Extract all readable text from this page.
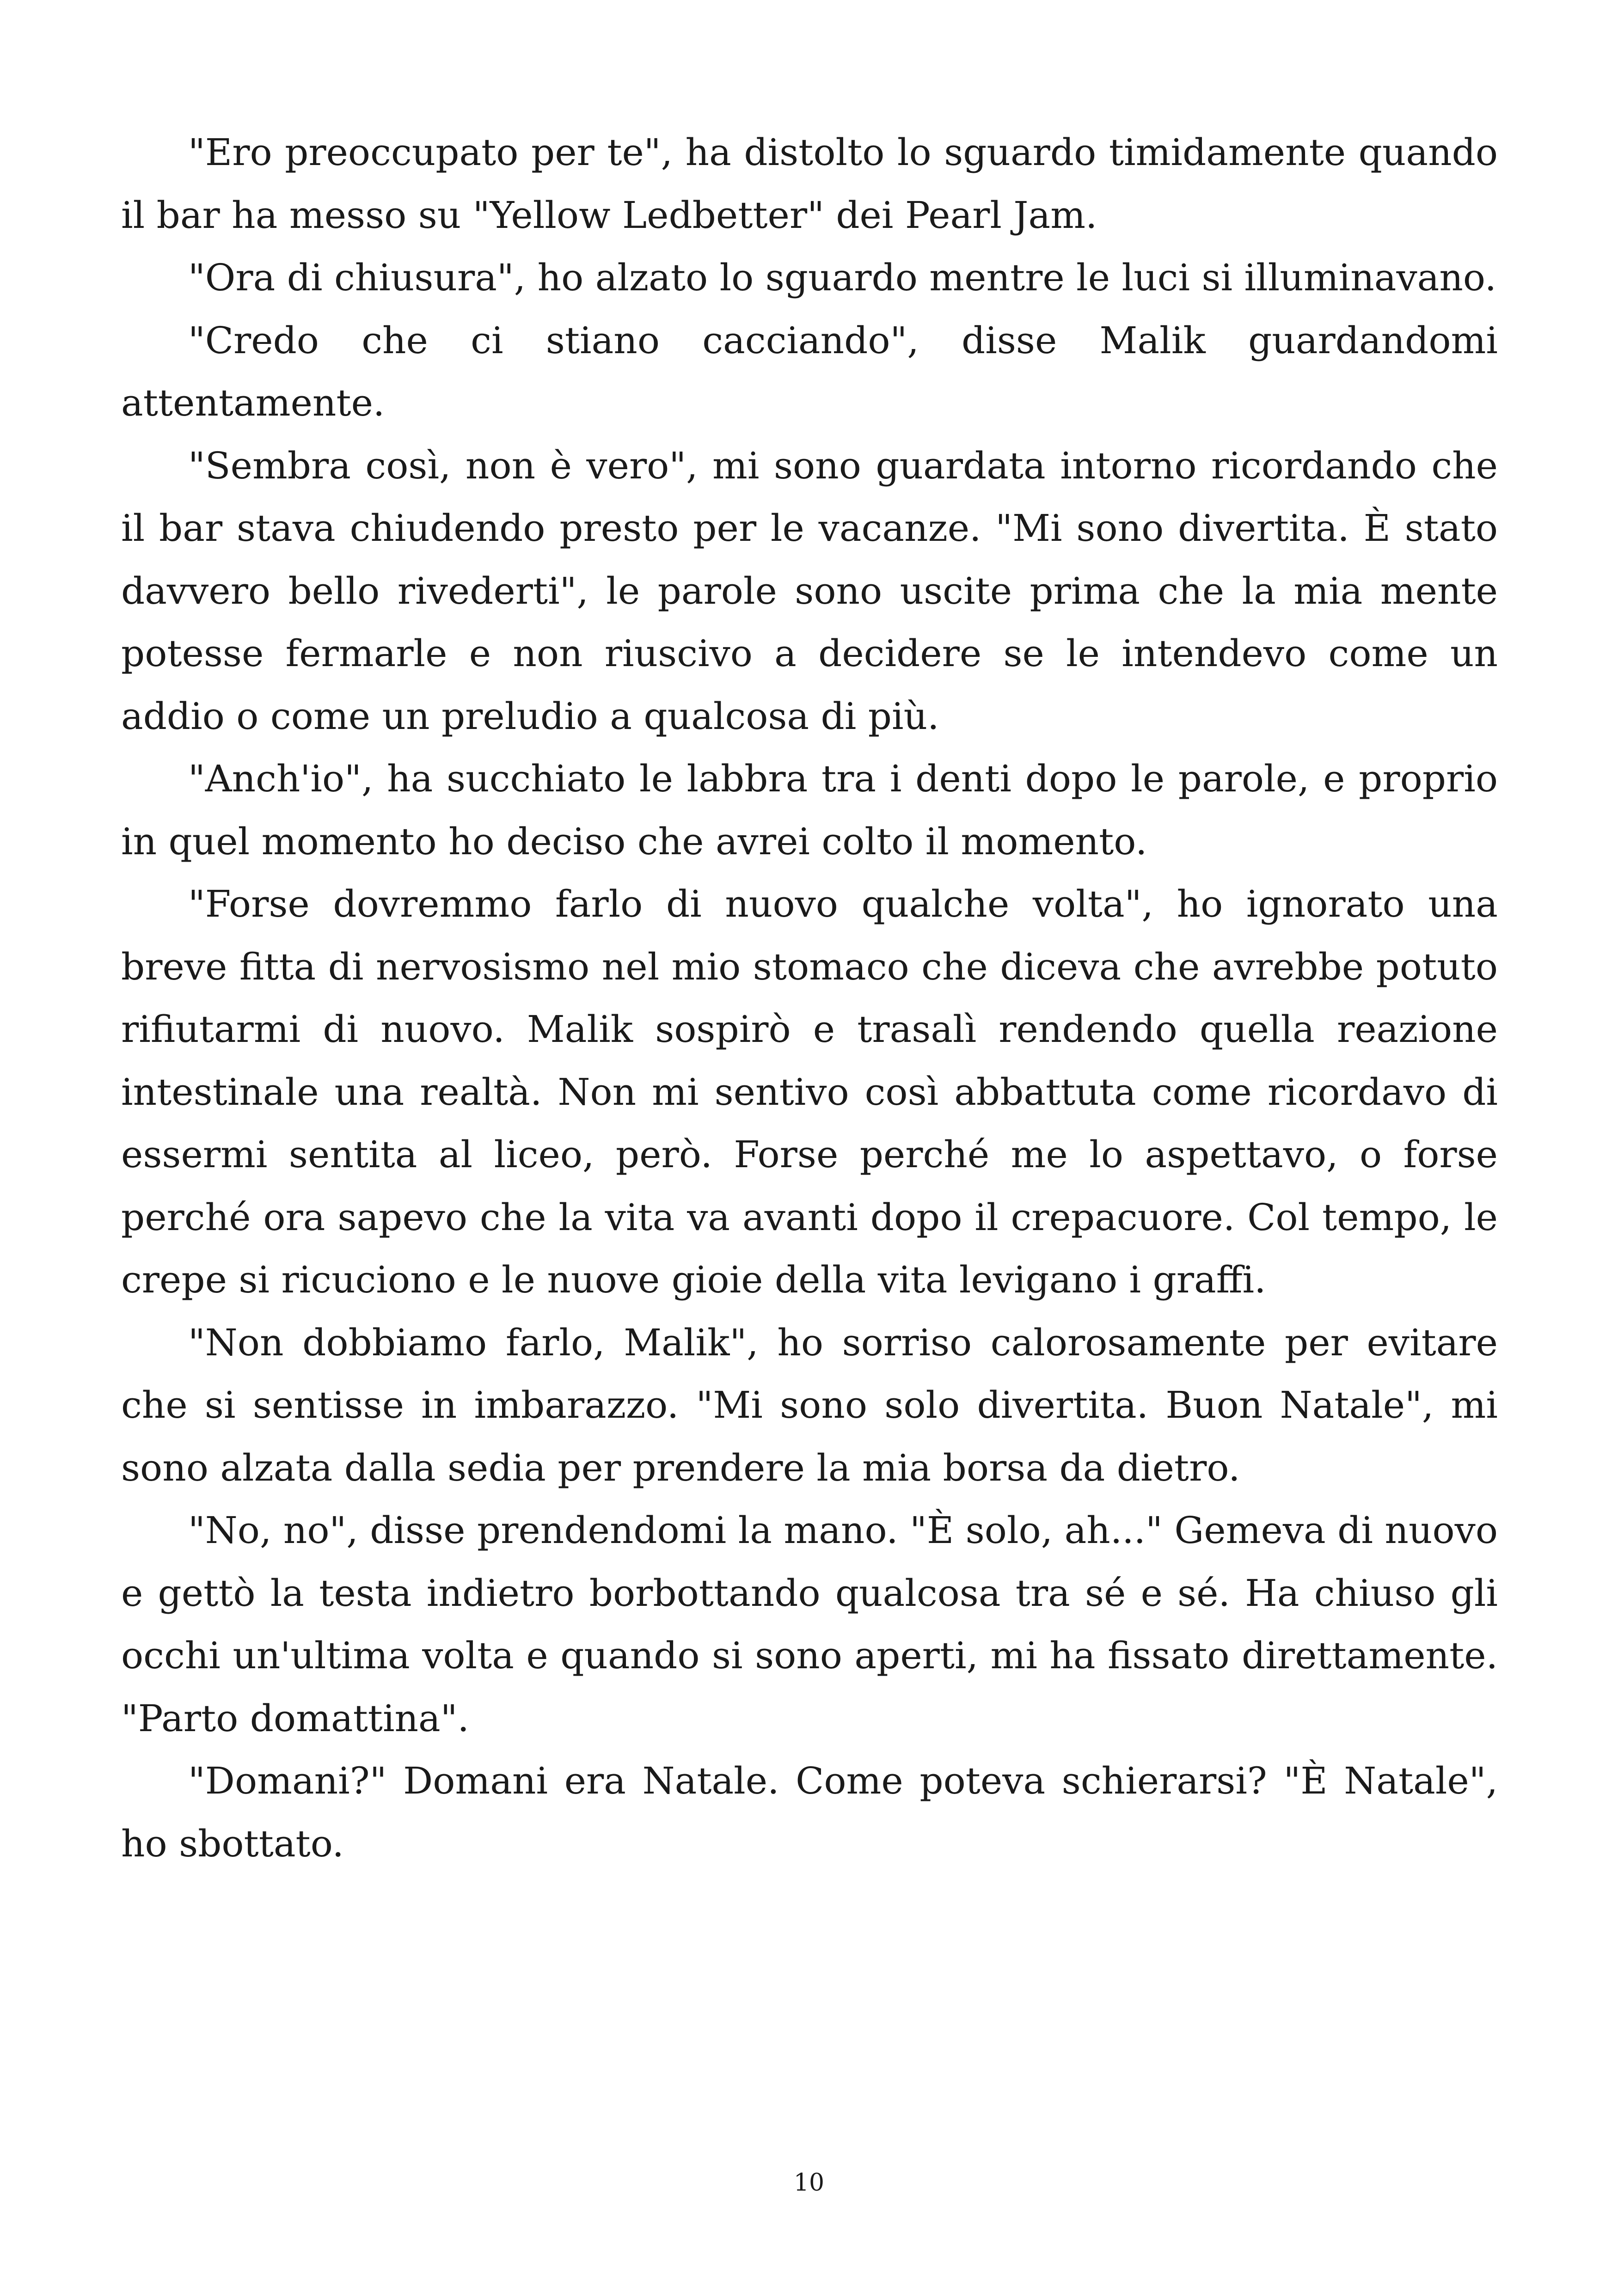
"Ero preoccupato per te", ha distolto lo sguardo timidamente quando il bar ha messo su "Yellow Ledbetter" dei Pearl Jam.

"Ora di chiusura", ho alzato lo sguardo mentre le luci si illuminavano.

"Credo che ci stiano cacciando", disse Malik guardandomi attentamente.

"Sembra così, non è vero", mi sono guardata intorno ricordando che il bar stava chiudendo presto per le vacanze. "Mi sono divertita. È stato davvero bello rivederti", le parole sono uscite prima che la mia mente potesse fermarle e non riuscivo a decidere se le intendevo come un addio o come un preludio a qualcosa di più.

"Anch'io", ha succhiato le labbra tra i denti dopo le parole, e proprio in quel momento ho deciso che avrei colto il momento.

"Forse dovremmo farlo di nuovo qualche volta", ho ignorato una breve fitta di nervosismo nel mio stomaco che diceva che avrebbe potuto rifiutarmi di nuovo. Malik sospirò e trasalì rendendo quella reazione intestinale una realtà. Non mi sentivo così abbattuta come ricordavo di essermi sentita al liceo, però. Forse perché me lo aspettavo, o forse perché ora sapevo che la vita va avanti dopo il crepacuore. Col tempo, le crepe si ricuciono e le nuove gioie della vita levigano i graffi.

"Non dobbiamo farlo, Malik", ho sorriso calorosamente per evitare che si sentisse in imbarazzo. "Mi sono solo divertita. Buon Natale", mi sono alzata dalla sedia per prendere la mia borsa da dietro.

"No, no", disse prendendomi la mano. "È solo, ah..." Gemeva di nuovo e gettò la testa indietro borbottando qualcosa tra sé e sé. Ha chiuso gli occhi un'ultima volta e quando si sono aperti, mi ha fissato direttamente. "Parto domattina".

"Domani?" Domani era Natale. Come poteva schierarsi? "È Natale", ho sbottato.

10
